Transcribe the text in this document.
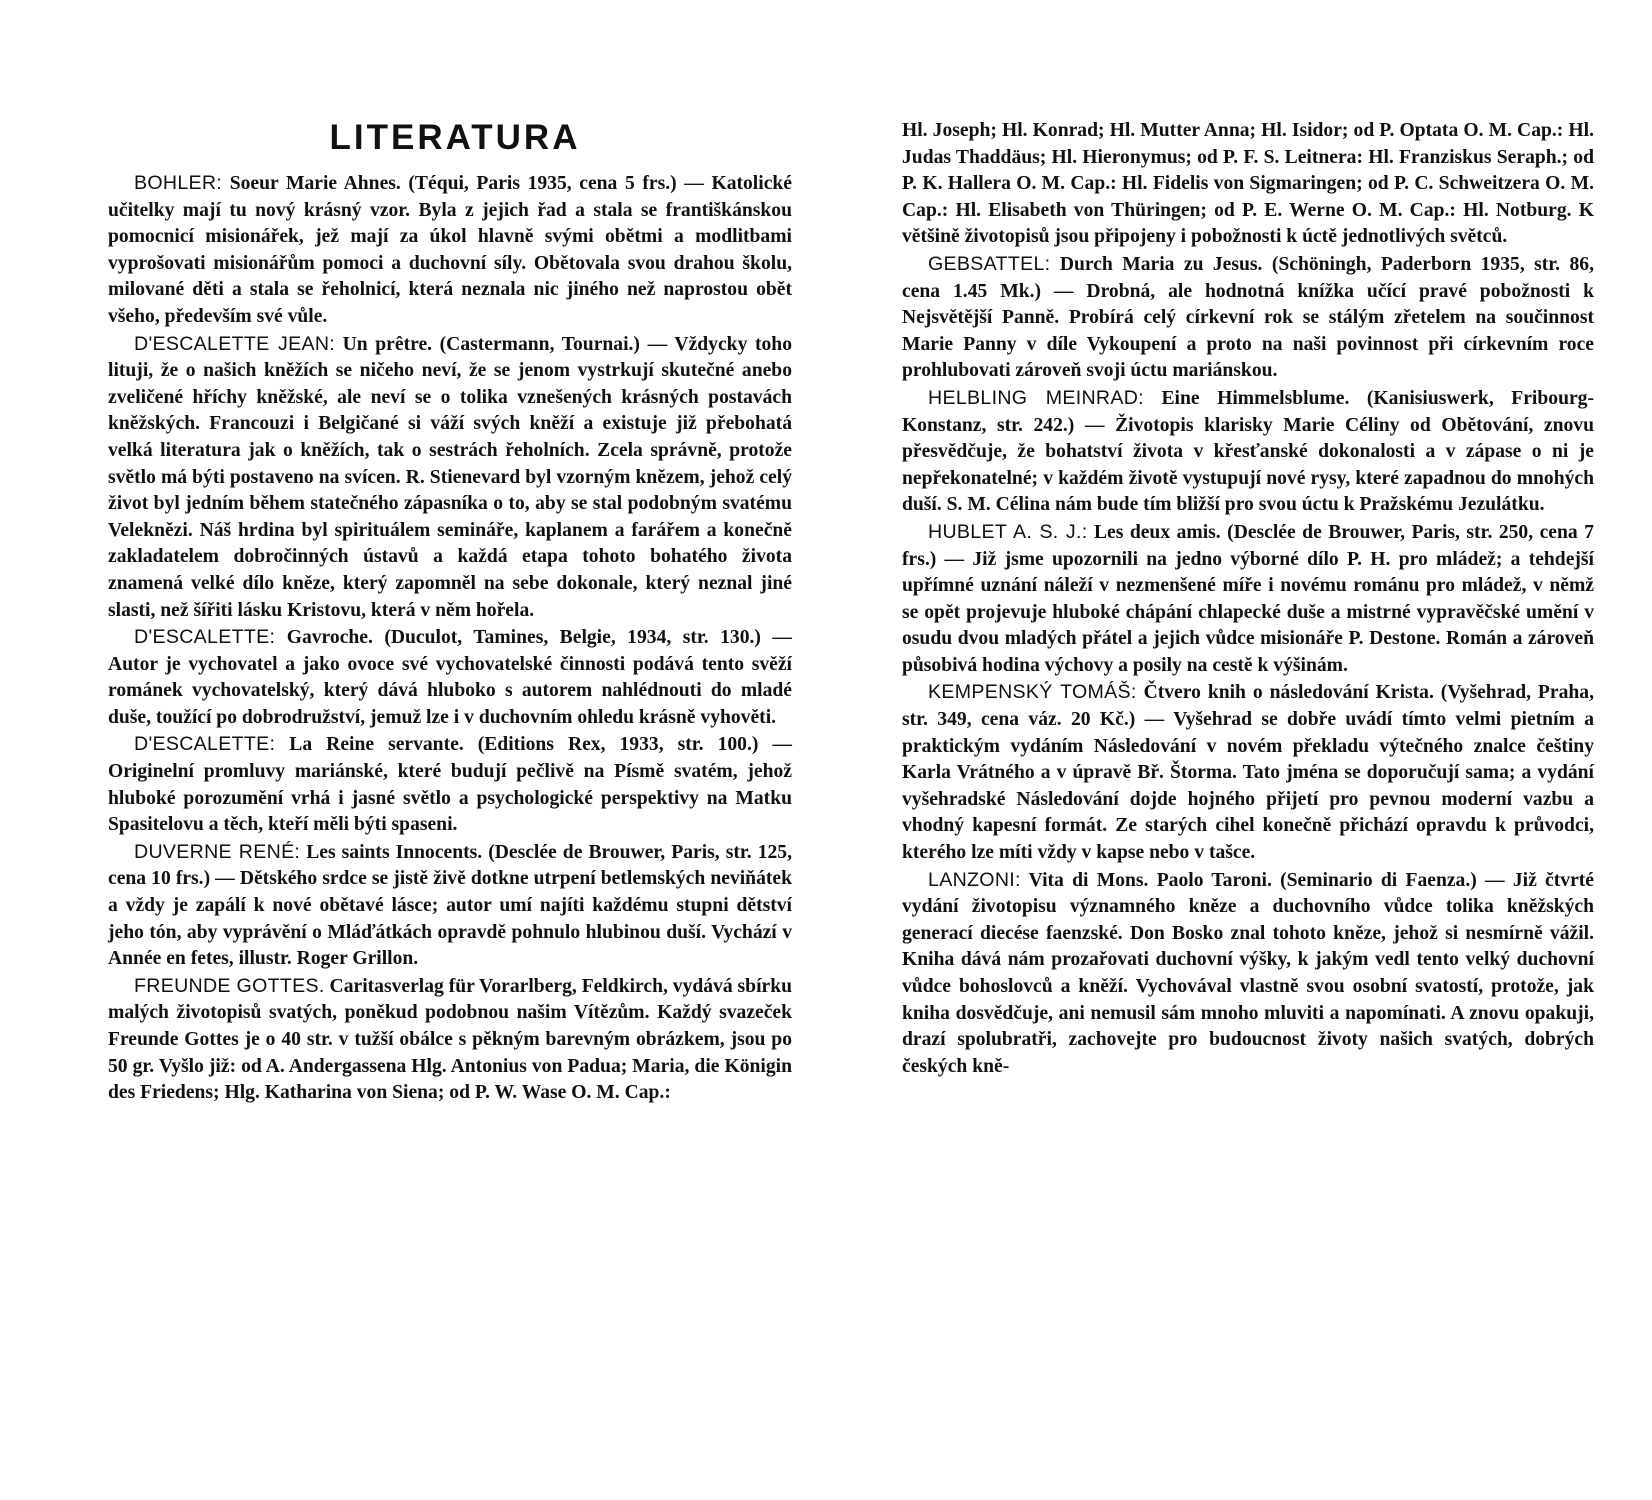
LITERATURA

BOHLER: Soeur Marie Ahnes. (Téqui, Paris 1935, cena 5 frs.) — Katolické učitelky mají tu nový krásný vzor. Byla z jejich řad a stala se františkánskou pomocnicí misionářek, jež mají za úkol hlavně svými obětmi a modlitbami vyprošovati misionářům pomoci a duchovní síly. Obětovala svou drahou školu, milované děti a stala se řeholnicí, která neznala nic jiného než naprostou obět všeho, především své vůle.

D'ESCALETTE JEAN: Un prêtre. (Castermann, Tournai.) — Vždycky toho lituji, že o našich kněžích se ničeho neví, že se jenom vystrkují skutečné anebo zveličené hříchy kněžské, ale neví se o tolika vznešených krásných postavách kněžských. Francouzi i Belgičané si váží svých kněží a existuje již přebohatá velká literatura jak o kněžích, tak o sestrách řeholních. Zcela správně, protože světlo má býti postaveno na svícen. R. Stienevard byl vzorným knězem, jehož celý život byl jedním během statečného zápasníka o to, aby se stal podobným svatému Veleknězi. Náš hrdina byl spirituálem semináře, kaplanem a farářem a konečně zakladatelem dobročinných ústavů a každá etapa tohoto bohatého života znamená velké dílo kněze, který zapomněl na sebe dokonale, který neznal jiné slasti, než šířiti lásku Kristovu, která v něm hořela.

D'ESCALETTE: Gavroche. (Duculot, Tamines, Belgie, 1934, str. 130.) — Autor je vychovatel a jako ovoce své vychovatelské činnosti podává tento svěží románek vychovatelský, který dává hluboko s autorem nahlédnouti do mladé duše, toužící po dobrodružství, jemuž lze i v duchovním ohledu krásně vyhověti.

D'ESCALETTE: La Reine servante. (Editions Rex, 1933, str. 100.) — Originelní promluvy mariánské, které budují pečlivě na Písmě svatém, jehož hluboké porozumění vrhá i jasné světlo a psychologické perspektivy na Matku Spasitelovu a těch, kteří měli býti spaseni.

DUVERNE RENÉ: Les saints Innocents. (Desclée de Brouwer, Paris, str. 125, cena 10 frs.) — Dětského srdce se jistě živě dotkne utrpení betlemských neviňátek a vždy je zapálí k nové obětavé lásce; autor umí najíti každému stupni dětství jeho tón, aby vyprávění o Mláďátkách opravdě pohnulo hlubinou duší. Vychází v Année en fetes, illustr. Roger Grillon.

FREUNDE GOTTES. Caritasverlag für Vorarlberg, Feldkirch, vydává sbírku malých životopisů svatých, poněkud podobnou našim Vítězům. Každý svazeček Freunde Gottes je o 40 str. v tužší obálce s pěkným barevným obrázkem, jsou po 50 gr. Vyšlo již: od A. Andergassena Hlg. Antonius von Padua; Maria, die Königin des Friedens; Hlg. Katharina von Siena; od P. W. Wase O. M. Cap.:

Hl. Joseph; Hl. Konrad; Hl. Mutter Anna; Hl. Isidor; od P. Optata O. M. Cap.: Hl. Judas Thaddäus; Hl. Hieronymus; od P. F. S. Leitnera: Hl. Franziskus Seraph.; od P. K. Hallera O. M. Cap.: Hl. Fidelis von Sigmaringen; od P. C. Schweitzera O. M. Cap.: Hl. Elisabeth von Thüringen; od P. E. Werne O. M. Cap.: Hl. Notburg. K většině životopisů jsou připojeny i pobožnosti k úctě jednotlivých světců.

GEBSATTEL: Durch Maria zu Jesus. (Schöningh, Paderborn 1935, str. 86, cena 1.45 Mk.) — Drobná, ale hodnotná knížka učící pravé pobožnosti k Nejsvětější Panně. Probírá celý církevní rok se stálým zřetelem na součinnost Marie Panny v díle Vykoupení a proto na naši povinnost při církevním roce prohlubovati zároveň svoji úctu mariánskou.

HELBLING MEINRAD: Eine Himmelsblume. (Kanisiuswerk, Fribourg-Konstanz, str. 242.) — Životopis klarisky Marie Céliny od Obětování, znovu přesvědčuje, že bohatství života v křesťanské dokonalosti a v zápase o ni je nepřekonatelné; v každém životě vystupují nové rysy, které zapadnou do mnohých duší. S. M. Célina nám bude tím bližší pro svou úctu k Pražskému Jezulátku.

HUBLET A. S. J.: Les deux amis. (Desclée de Brouwer, Paris, str. 250, cena 7 frs.) — Již jsme upozornili na jedno výborné dílo P. H. pro mládež; a tehdejší upřímné uznání náleží v nezmenšené míře i novému románu pro mládež, v němž se opět projevuje hluboké chápání chlapecké duše a mistrné vypravěčské umění v osudu dvou mladých přátel a jejich vůdce misionáře P. Destone. Román a zároveň působivá hodina výchovy a posily na cestě k výšinám.

KEMPENSKÝ TOMÁŠ: Čtvero knih o následování Krista. (Vyšehrad, Praha, str. 349, cena váz. 20 Kč.) — Vyšehrad se dobře uvádí tímto velmi pietním a praktickým vydáním Následování v novém překladu výtečného znalce češtiny Karla Vrátného a v úpravě Bř. Štorma. Tato jména se doporučují sama; a vydání vyšehradské Následování dojde hojného přijetí pro pevnou moderní vazbu a vhodný kapesní formát. Ze starých cihel konečně přichází opravdu k průvodci, kterého lze míti vždy v kapse nebo v tašce.

LANZONI: Vita di Mons. Paolo Taroni. (Seminario di Faenza.) — Již čtvrté vydání životopisu významného kněze a duchovního vůdce tolika kněžských generací diecése faenzské. Don Bosko znal tohoto kněze, jehož si nesmírně vážil. Kniha dává nám prozařovati duchovní výšky, k jakým vedl tento velký duchovní vůdce bohoslovců a kněží. Vychovával vlastně svou osobní svatostí, protože, jak kniha dosvědčuje, ani nemusil sám mnoho mluviti a napomínati. A znovu opakuji, drazí spolubratři, zachovejte pro budoucnost životy našich svatých, dobrých českých kně-
